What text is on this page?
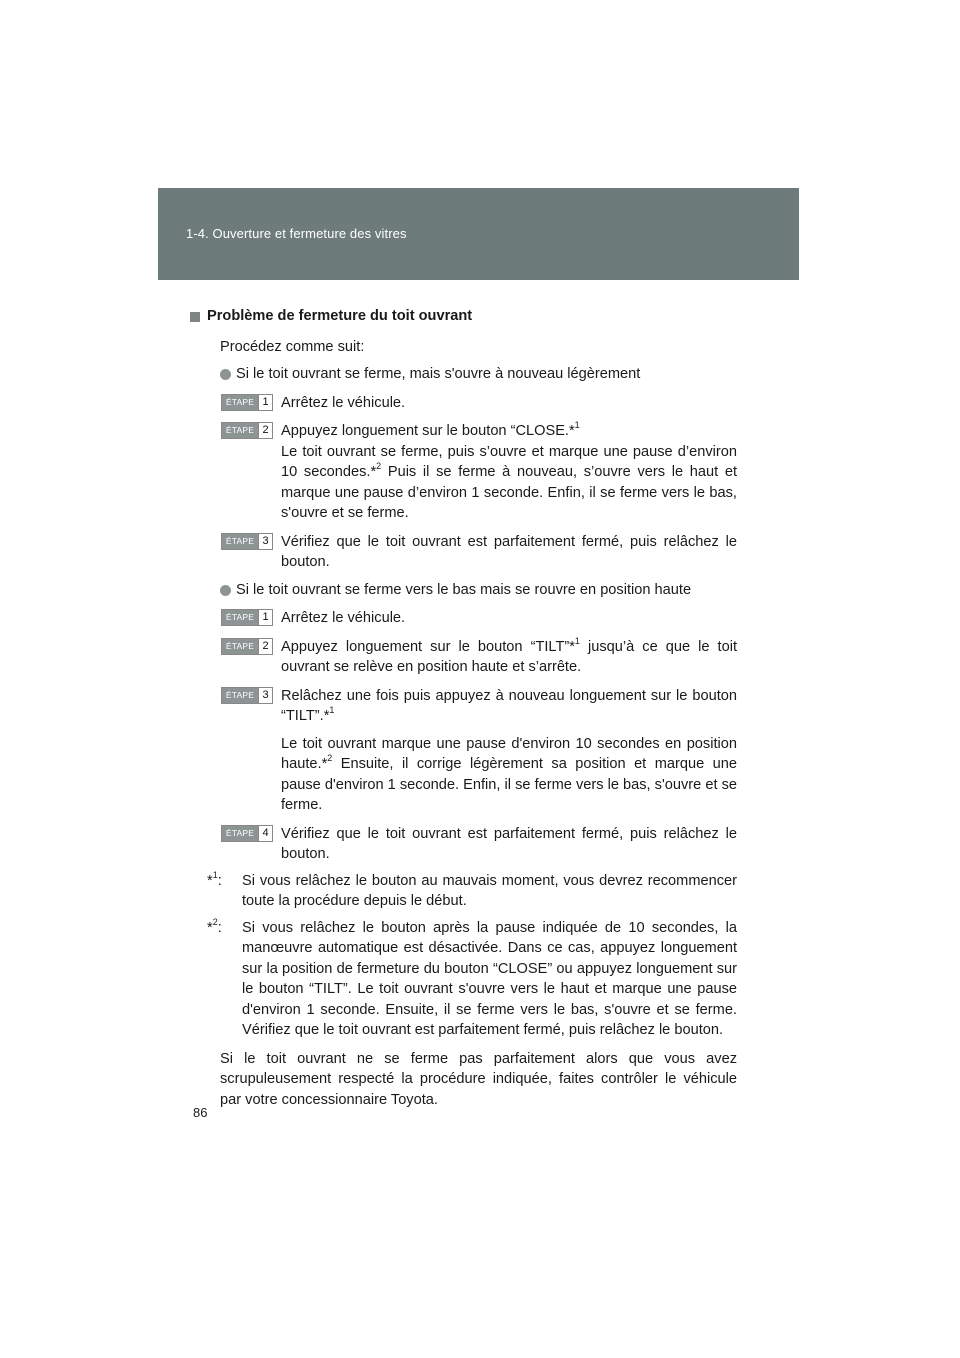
1-4. Ouverture et fermeture des vitres

Problème de fermeture du toit ouvrant

Procédez comme suit:

Si le toit ouvrant se ferme, mais s'ouvre à nouveau légèrement

ÉTAPE 1 Arrêtez le véhicule.
ÉTAPE 2 Appuyez longuement sur le bouton “CLOSE.*$^1$
Le toit ouvrant se ferme, puis s’ouvre et marque une pause d’environ 10 secondes.*$^2$ Puis il se ferme à nouveau, s’ouvre vers le haut et marque une pause d’environ 1 seconde. Enfin, il se ferme vers le bas, s'ouvre et se ferme.
ÉTAPE 3 Vérifiez que le toit ouvrant est parfaitement fermé, puis relâchez le bouton.

Si le toit ouvrant se ferme vers le bas mais se rouvre en position haute

ÉTAPE 1 Arrêtez le véhicule.
ÉTAPE 2 Appuyez longuement sur le bouton “TILT”*$^1$ jusqu’à ce que le toit ouvrant se relève en position haute et s’arrête.
ÉTAPE 3 Relâchez une fois puis appuyez à nouveau longuement sur le bouton “TILT”.*$^1$

Le toit ouvrant marque une pause d'environ 10 secondes en position haute.*$^2$ Ensuite, il corrige légèrement sa position et marque une pause d'environ 1 seconde. Enfin, il se ferme vers le bas, s'ouvre et se ferme.

ÉTAPE 4 Vérifiez que le toit ouvrant est parfaitement fermé, puis relâchez le bouton.
*$^1$: Si vous relâchez le bouton au mauvais moment, vous devrez recommencer toute la procédure depuis le début.
*$^2$: Si vous relâchez le bouton après la pause indiquée de 10 secondes, la manœuvre automatique est désactivée. Dans ce cas, appuyez longuement sur la position de fermeture du bouton “CLOSE” ou appuyez longuement sur le bouton “TILT”. Le toit ouvrant s'ouvre vers le haut et marque une pause d'environ 1 seconde. Ensuite, il se ferme vers le bas, s'ouvre et se ferme. Vérifiez que le toit ouvrant est parfaitement fermé, puis relâchez le bouton.

Si le toit ouvrant ne se ferme pas parfaitement alors que vous avez scrupuleusement respecté la procédure indiquée, faites contrôler le véhicule par votre concessionnaire Toyota.

86
